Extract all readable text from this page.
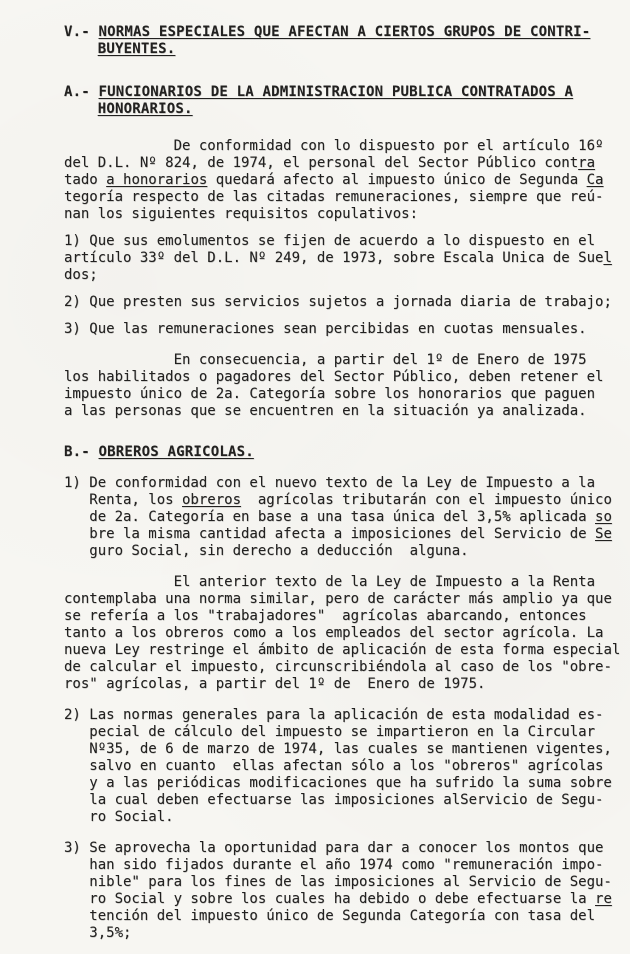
V.- NORMAS ESPECIALES QUE AFECTAN A CIERTOS GRUPOS DE CONTRI-
BUYENTES.
A.- FUNCIONARIOS DE LA ADMINISTRACION PUBLICA CONTRATADOS A
HONORARIOS.
De conformidad con lo dispuesto por el artículo 16º
del D.L. Nº 824, de 1974, el personal del Sector Público contra
tado a honorarios quedará afecto al impuesto único de Segunda Ca
tegoría respecto de las citadas remuneraciones, siempre que reú-
nan los siguientes requisitos copulativos:
1) Que sus emolumentos se fijen de acuerdo a lo dispuesto en el
artículo 33º del D.L. Nº 249, de 1973, sobre Escala Unica de Suel
dos;
2) Que presten sus servicios sujetos a jornada diaria de trabajo;
3) Que las remuneraciones sean percibidas en cuotas mensuales.
En consecuencia, a partir del 1º de Enero de 1975
los habilitados o pagadores del Sector Público, deben retener el
impuesto único de 2a. Categoría sobre los honorarios que paguen
a las personas que se encuentren en la situación ya analizada.
B.- OBREROS AGRICOLAS.
1) De conformidad con el nuevo texto de la Ley de Impuesto a la
Renta, los obreros  agrícolas tributarán con el impuesto único
de 2a. Categoría en base a una tasa única del 3,5% aplicada so
bre la misma cantidad afecta a imposiciones del Servicio de Se
guro Social, sin derecho a deducción  alguna.
El anterior texto de la Ley de Impuesto a la Renta
contemplaba una norma similar, pero de carácter más amplio ya que
se refería a los "trabajadores"  agrícolas abarcando, entonces
tanto a los obreros como a los empleados del sector agrícola. La
nueva Ley restringe el ámbito de aplicación de esta forma especial
de calcular el impuesto, circunscribiéndola al caso de los "obre-
ros" agrícolas, a partir del 1º de  Enero de 1975.
2) Las normas generales para la aplicación de esta modalidad es-
pecial de cálculo del impuesto se impartieron en la Circular
Nº35, de 6 de marzo de 1974, las cuales se mantienen vigentes,
salvo en cuanto  ellas afectan sólo a los "obreros" agrícolas
y a las periódicas modificaciones que ha sufrido la suma sobre
la cual deben efectuarse las imposiciones alServicio de Segu-
ro Social.
3) Se aprovecha la oportunidad para dar a conocer los montos que
han sido fijados durante el año 1974 como "remuneración impo-
nible" para los fines de las imposiciones al Servicio de Segu-
ro Social y sobre los cuales ha debido o debe efectuarse la re
tención del impuesto único de Segunda Categoría con tasa del
3,5%;
